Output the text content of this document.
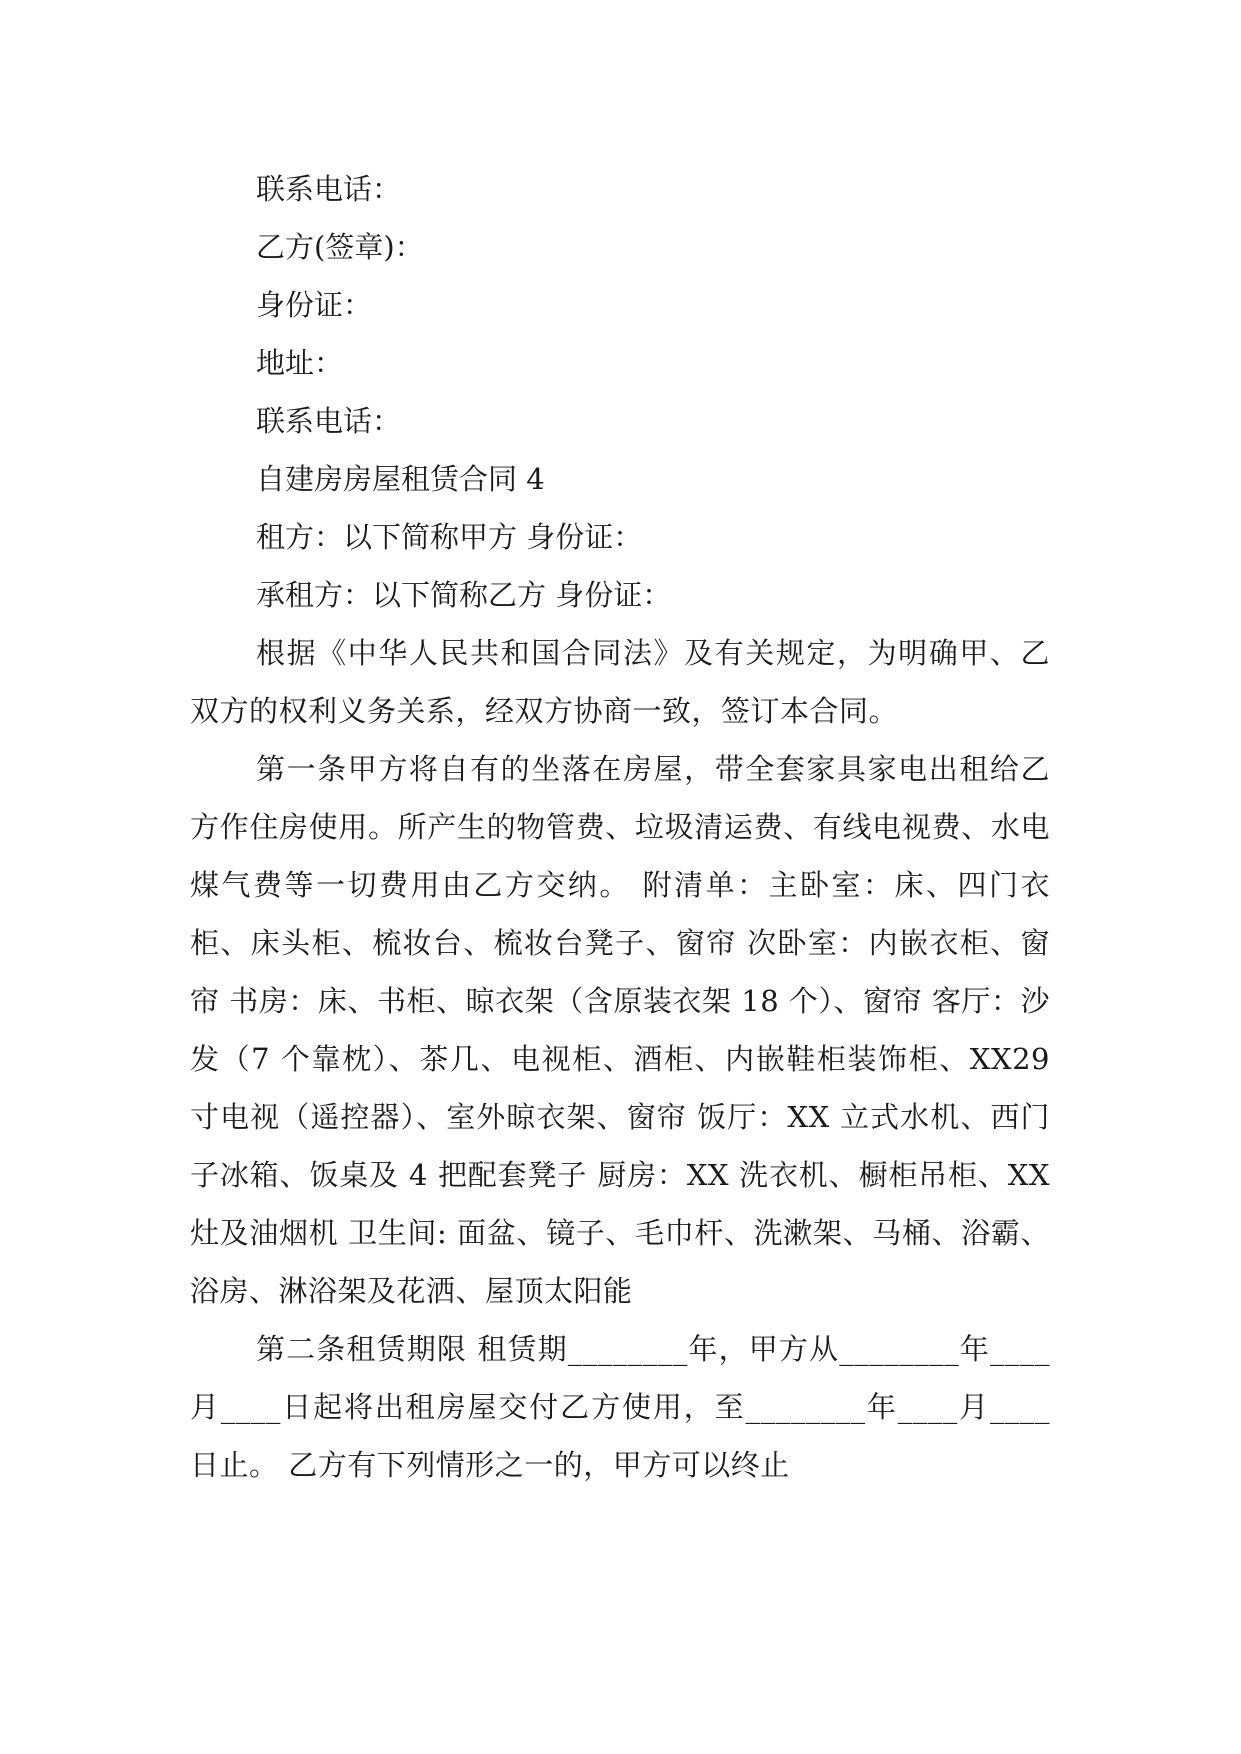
联系电话：

乙方(签章)：

身份证：

地址：

联系电话：

自建房房屋租赁合同 4

租方：以下简称甲方 身份证：

承租方：以下简称乙方 身份证：

根据《中华人民共和国合同法》及有关规定，为明确甲、乙双方的权利义务关系，经双方协商一致，签订本合同。

第一条甲方将自有的坐落在房屋，带全套家具家电出租给乙方作住房使用。所产生的物管费、垃圾清运费、有线电视费、水电煤气费等一切费用由乙方交纳。 附清单：主卧室：床、四门衣柜、床头柜、梳妆台、梳妆台凳子、窗帘 次卧室：内嵌衣柜、窗帘 书房：床、书柜、晾衣架（含原装衣架 18 个）、窗帘 客厅：沙发（7 个靠枕）、茶几、电视柜、酒柜、内嵌鞋柜装饰柜、XX29 寸电视（遥控器）、室外晾衣架、窗帘 饭厅：XX 立式水机、西门子冰箱、饭桌及 4 把配套凳子 厨房：XX 洗衣机、橱柜吊柜、XX 灶及油烟机 卫生间: 面盆、镜子、毛巾杆、洗漱架、马桶、浴霸、浴房、淋浴架及花洒、屋顶太阳能

第二条租赁期限 租赁期________年，甲方从________年____月____日起将出租房屋交付乙方使用，至________年____月____日止。 乙方有下列情形之一的，甲方可以终止
